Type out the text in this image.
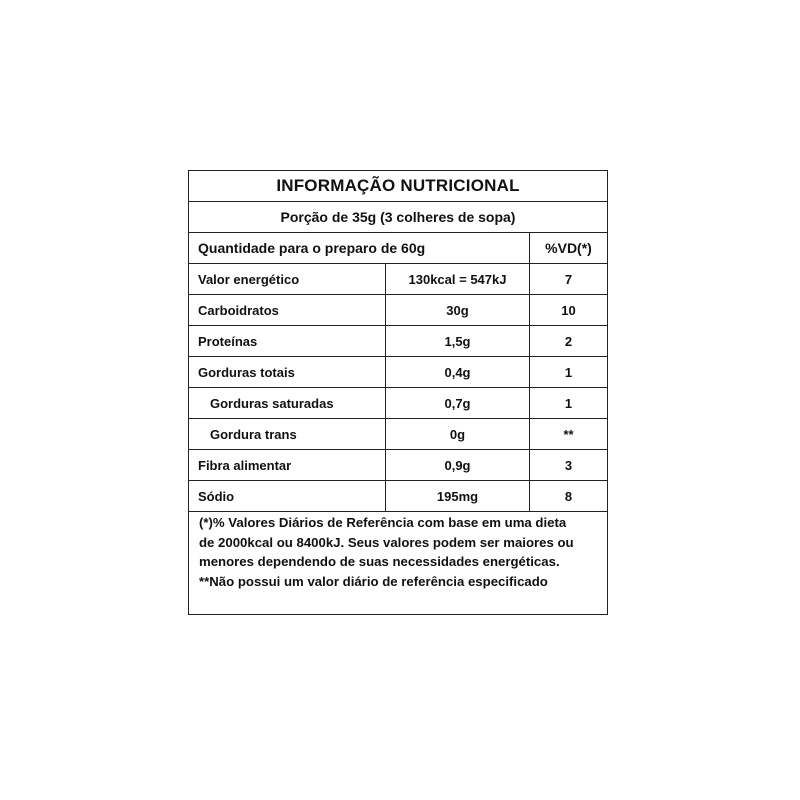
INFORMAÇÃO NUTRICIONAL
Porção de 35g (3 colheres de sopa)
Quantidade para o preparo de 60g	%VD(*)
Valor energético	130kcal = 547kJ	7
Carboidratos	30g	10
Proteínas	1,5g	2
Gorduras totais	0,4g	1
Gorduras saturadas	0,7g	1
Gordura trans	0g	**
Fibra alimentar	0,9g	3
Sódio	195mg	8

(*)% Valores Diários de Referência com base em uma dieta

de 2000kcal ou 8400kJ. Seus valores podem ser maiores ou

menores dependendo de suas necessidades energéticas.

**Não possui um valor diário de referência especificado
